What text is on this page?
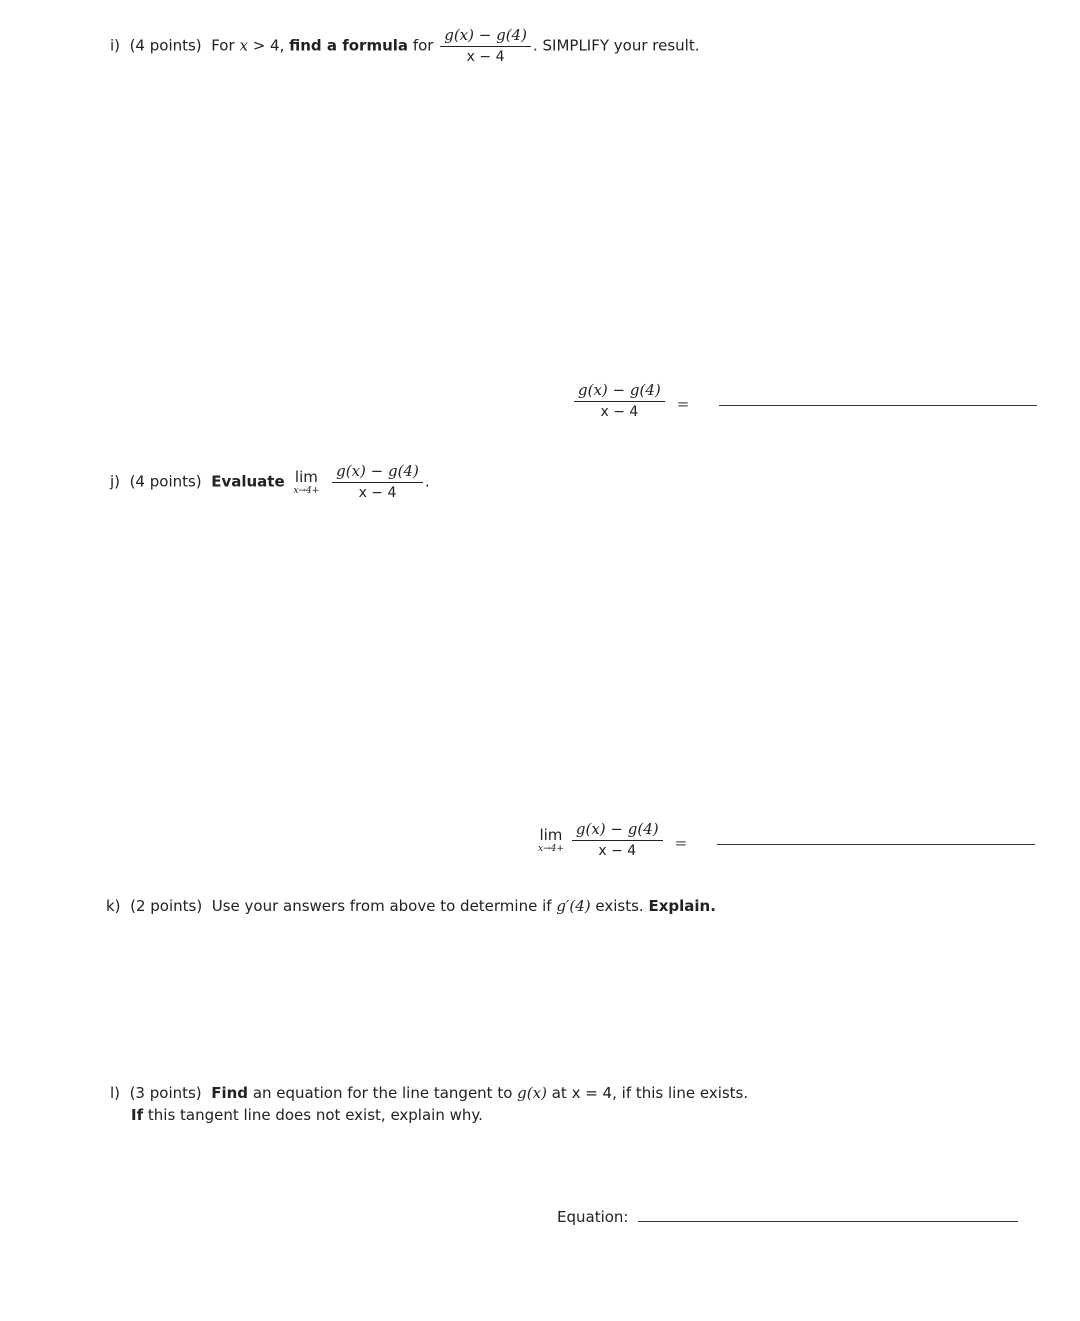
i) (4 points) For x > 4, find a formula for $\frac{g(x) - g(4)}{x - 4}$ . SIMPLIFY your result.
$\frac{g(x) - g(4)}{x - 4}$ =
j) (4 points) Evaluate lim
x→4+
$\frac{g(x) - g(4)}{x - 4}$ .
lim
$x\to 4+ \frac{g(x) - g(4)}{x - 4}$ =
k) (2 points) Use your answers from above to determine if g′(4) exists. Explain.
l) (3 points) Find an equation for the line tangent to g(x) at x = 4, if this line exists.
If this tangent line does not exist, explain why.
Equation:
